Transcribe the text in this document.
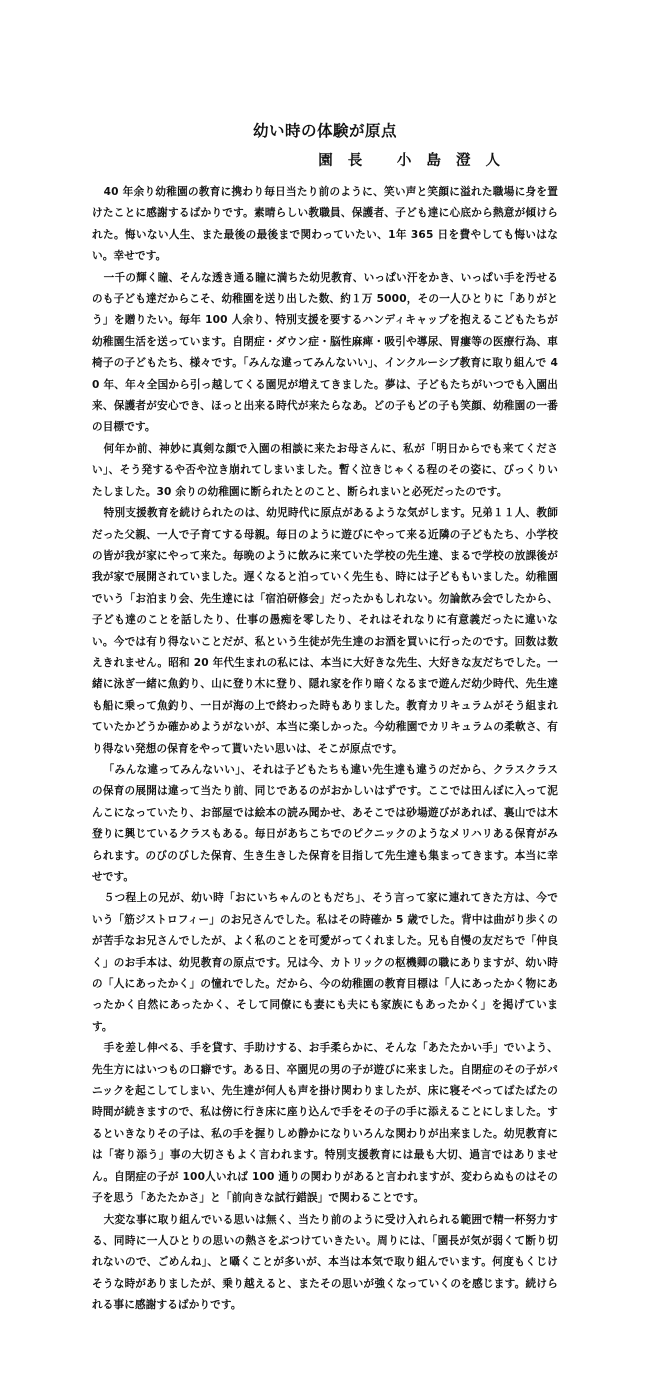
幼い時の体験が原点

園 長　 小 島 澄 人

40 年余り幼稚園の教育に携わり毎日当たり前のように、笑い声と笑顔に溢れた職場に身を置けたことに感謝するばかりです。素晴らしい教職員、保護者、子ども達に心底から熱意が傾けられた。悔いない人生、また最後の最後まで関わっていたい、1年 365 日を費やしても悔いはない。幸せです。

一千の輝く瞳、そんな透き通る瞳に満ちた幼児教育、いっぱい汗をかき、いっぱい手を汚せるのも子ども達だからこそ、幼稚園を送り出した数、約１万 5000，その一人ひとりに「ありがとう」を贈りたい。毎年 100 人余り、特別支援を要するハンディキャップを抱えるこどもたちが幼稚園生活を送っています。自閉症・ダウン症・脳性麻痺・吸引や導尿、胃瘻等の医療行為、車椅子の子どもたち、様々です。「みんな違ってみんないい」、インクルーシブ教育に取り組んで 40 年、年々全国から引っ越してくる園児が増えてきました。夢は、子どもたちがいつでも入園出来、保護者が安心でき、ほっと出来る時代が来たらなあ。どの子もどの子も笑顔、幼稚園の一番の目標です。

何年か前、神妙に真剣な顔で入園の相談に来たお母さんに、私が「明日からでも来てください」、そう発するや否や泣き崩れてしまいました。暫く泣きじゃくる程のその姿に、びっくりいたしました。30 余りの幼稚園に断られたとのこと、断られまいと必死だったのです。

特別支援教育を続けられたのは、幼児時代に原点があるような気がします。兄弟１１人、教師だった父親、一人で子育てする母親。毎日のように遊びにやって来る近隣の子どもたち、小学校の皆が我が家にやって来た。毎晩のように飲みに来ていた学校の先生達、まるで学校の放課後が我が家で展開されていました。遅くなると泊っていく先生も、時には子どももいました。幼稚園でいう「お泊まり会、先生達には「宿泊研修会」だったかもしれない。勿論飲み会でしたから、子ども達のことを話したり、仕事の愚痴を零したり、それはそれなりに有意義だったに違いない。今では有り得ないことだが、私という生徒が先生達のお酒を買いに行ったのです。回数は数えきれません。昭和 20 年代生まれの私には、本当に大好きな先生、大好きな友だちでした。一緒に泳ぎ一緒に魚釣り、山に登り木に登り、隠れ家を作り暗くなるまで遊んだ幼少時代、先生達も船に乗って魚釣り、一日が海の上で終わった時もありました。教育カリキュラムがそう組まれていたかどうか確かめようがないが、本当に楽しかった。今幼稚園でカリキュラムの柔軟さ、有り得ない発想の保育をやって貰いたい思いは、そこが原点です。

「みんな違ってみんないい」、それは子どもたちも違い先生達も違うのだから、クラスクラスの保育の展開は違って当たり前、同じであるのがおかしいはずです。ここでは田んぼに入って泥んこになっていたり、お部屋では絵本の読み聞かせ、あそこでは砂場遊びがあれば、裏山では木登りに興じているクラスもある。毎日があちこちでのピクニックのようなメリハリある保育がみられます。のびのびした保育、生き生きした保育を目指して先生達も集まってきます。本当に幸せです。

５つ程上の兄が、幼い時「おにいちゃんのともだち」、そう言って家に連れてきた方は、今でいう「筋ジストロフィー」のお兄さんでした。私はその時確か 5 歳でした。背中は曲がり歩くのが苦手なお兄さんでしたが、よく私のことを可愛がってくれました。兄も自慢の友だちで「仲良く」のお手本は、幼児教育の原点です。兄は今、カトリックの枢機卿の職にありますが、幼い時の「人にあったかく」の憧れでした。だから、今の幼稚園の教育目標は「人にあったかく物にあったかく自然にあったかく、そして同僚にも妻にも夫にも家族にもあったかく」を掲げています。

手を差し伸べる、手を貸す、手助けする、お手柔らかに、そんな「あたたかい手」でいよう、先生方にはいつもの口癖です。ある日、卒園児の男の子が遊びに来ました。自閉症のその子がパニックを起こしてしまい、先生達が何人も声を掛け関わりましたが、床に寝そべってばたばたの時間が続きますので、私は傍に行き床に座り込んで手をその子の手に添えることにしました。するといきなりその子は、私の手を握りしめ静かになりいろんな関わりが出来ました。幼児教育には「寄り添う」事の大切さもよく言われます。特別支援教育には最も大切、過言ではありません。自閉症の子が 100人いれば 100 通りの関わりがあると言われますが、変わらぬものはその子を思う「あたたかさ」と「前向きな試行錯誤」で関わることです。

大変な事に取り組んでいる思いは無く、当たり前のように受け入れられる範囲で精一杯努力する、同時に一人ひとりの思いの熱さをぶつけていきたい。周りには、「園長が気が弱くて断り切れないので、ごめんね」、と囁くことが多いが、本当は本気で取り組んでいます。何度もくじけそうな時がありましたが、乗り越えると、またその思いが強くなっていくのを感じます。続けられる事に感謝するばかりです。
